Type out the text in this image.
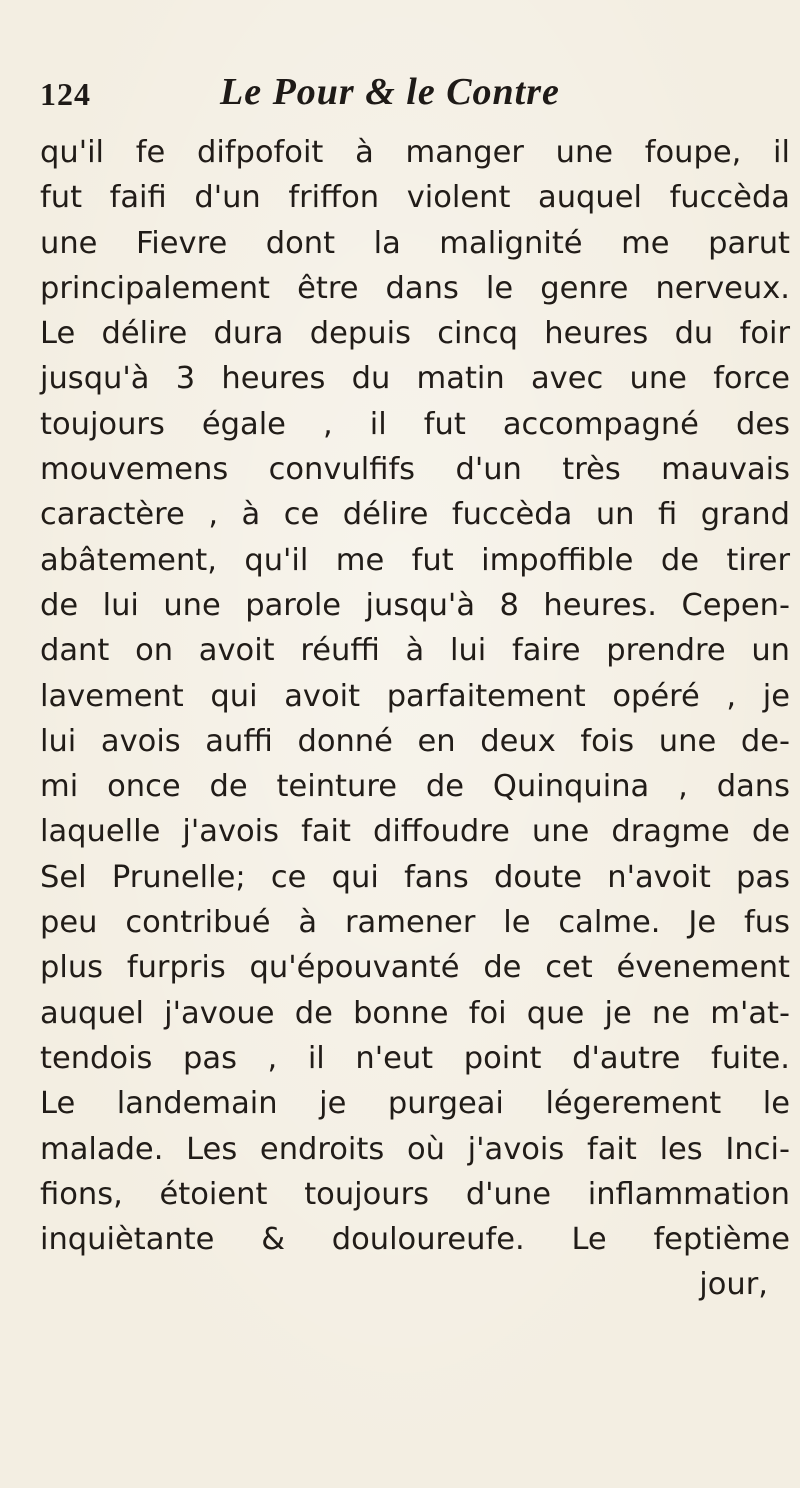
124	Le Pour & le Contre
qu'il fe difpofoit à manger une foupe, il
fut faifi d'un friffon violent auquel fuccèda
une Fievre dont la malignité me parut
principalement être dans le genre nerveux.
Le délire dura depuis cincq heures du foir
jusqu'à 3 heures du matin avec une force
toujours égale , il fut accompagné des
mouvemens convulfifs d'un très mauvais
caractère , à ce délire fuccèda un fi grand
abâtement, qu'il me fut impoffible de tirer
de lui une parole jusqu'à 8 heures. Cepen-
dant on avoit réuffi à lui faire prendre un
lavement qui avoit parfaitement opéré , je
lui avois auffi donné en deux fois une de-
mi once de teinture de Quinquina , dans
laquelle j'avois fait diffoudre une dragme de
Sel Prunelle; ce qui fans doute n'avoit pas
peu contribué à ramener le calme. Je fus
plus furpris qu'épouvanté de cet évenement
auquel j'avoue de bonne foi que je ne m'at-
tendois pas , il n'eut point d'autre fuite.
Le landemain je purgeai légerement le
malade. Les endroits où j'avois fait les Inci-
fions, étoient toujours d'une inflammation
inquiètante & douloureufe. Le feptième
jour,
